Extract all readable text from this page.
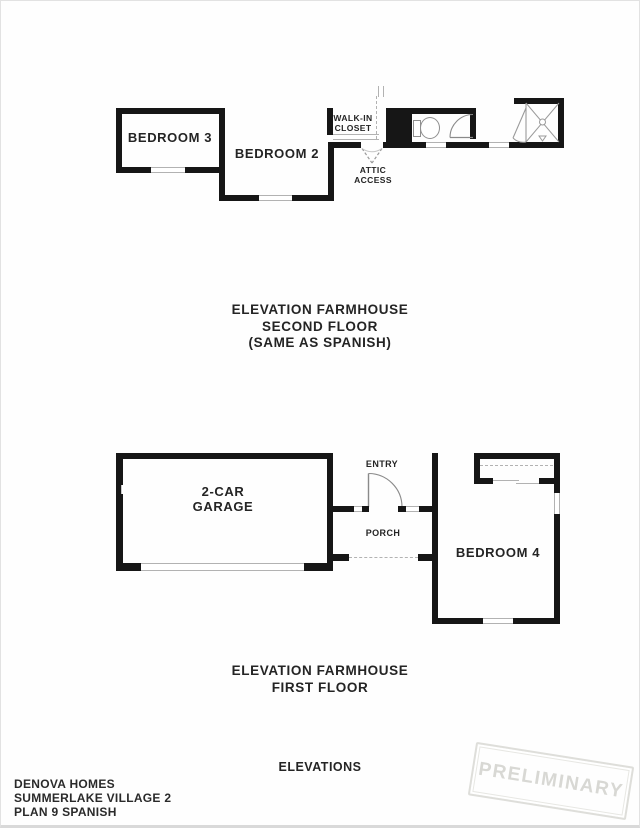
BEDROOM 3
BEDROOM 2
WALK-IN
CLOSET
ATTIC
ACCESS
ELEVATION FARMHOUSE
SECOND FLOOR
(SAME AS SPANISH)
2-CAR
GARAGE
ENTRY
PORCH
BEDROOM 4
ELEVATION FARMHOUSE
FIRST FLOOR
ELEVATIONS
DENOVA HOMES
SUMMERLAKE VILLAGE 2
PLAN 9 SPANISH
PRELIMINARY
